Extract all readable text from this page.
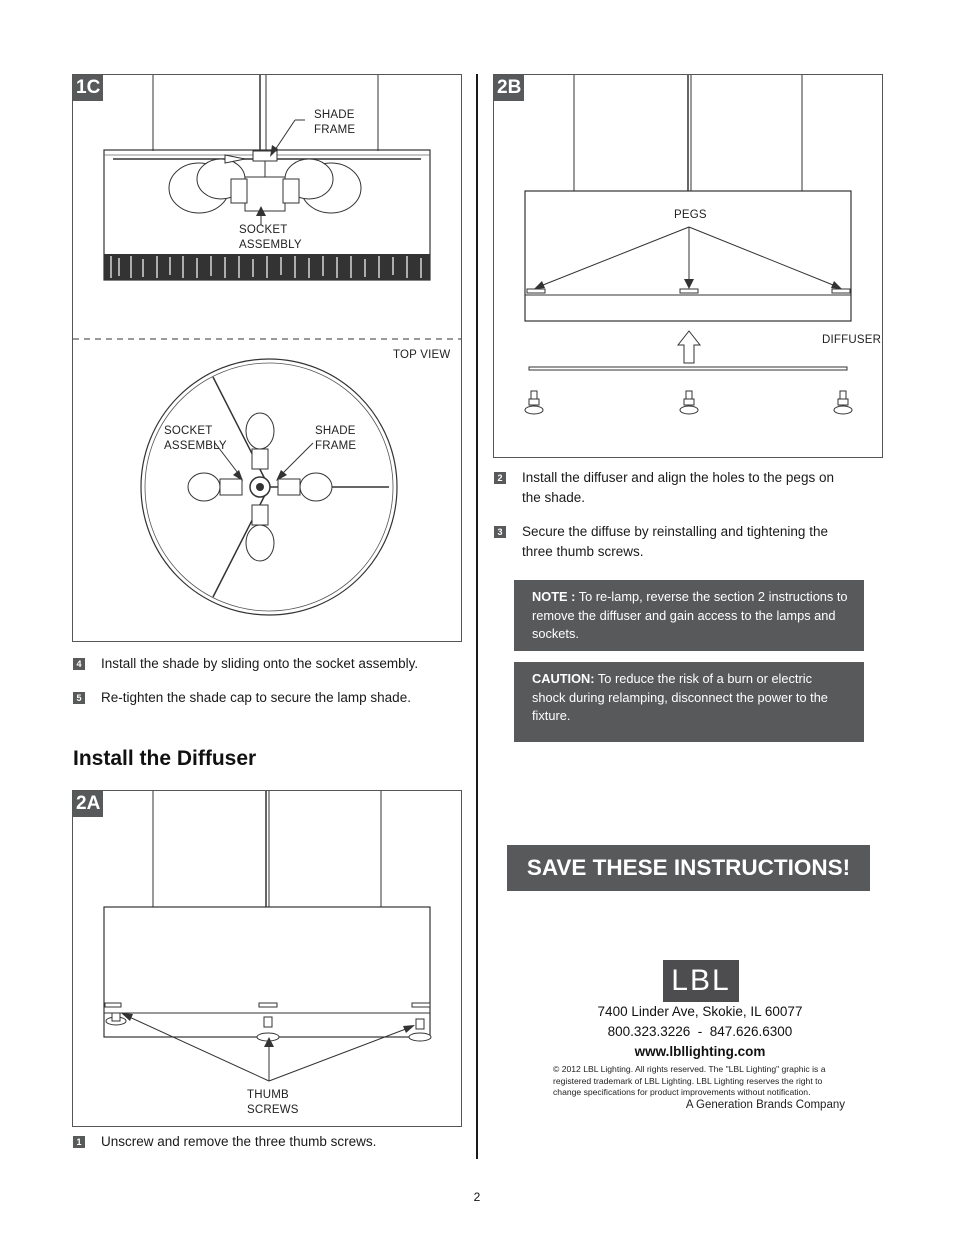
1C
SHADE
FRAME
SOCKET
ASSEMBLY
TOP VIEW
SOCKET
ASSEMBLY
SHADE
FRAME
4 Install the shade by sliding onto the socket assembly.
5 Re-tighten the shade cap to secure the lamp shade.
Install the Diffuser
2A
THUMB
SCREWS
1 Unscrew and remove the three thumb screws.
2B
PEGS
DIFFUSER
2 Install the diffuser and align the holes to the pegs on
the shade.
3 Secure the diffuse by reinstalling and tightening the
three thumb screws.
NOTE : To re-lamp, reverse the section 2 instructions to remove the diffuser and gain access to the lamps and sockets.
CAUTION: To reduce the risk of a burn or electric shock during relamping, disconnect the power to the fixture.
SAVE THESE INSTRUCTIONS!
LBL
7400 Linder Ave, Skokie, IL 60077
800.323.3226  -  847.626.6300
www.lbllighting.com
© 2012 LBL Lighting. All rights reserved. The "LBL Lighting" graphic is a registered trademark of LBL Lighting. LBL Lighting reserves the right to change specifications for product improvements without notification.
A Generation Brands Company
2
